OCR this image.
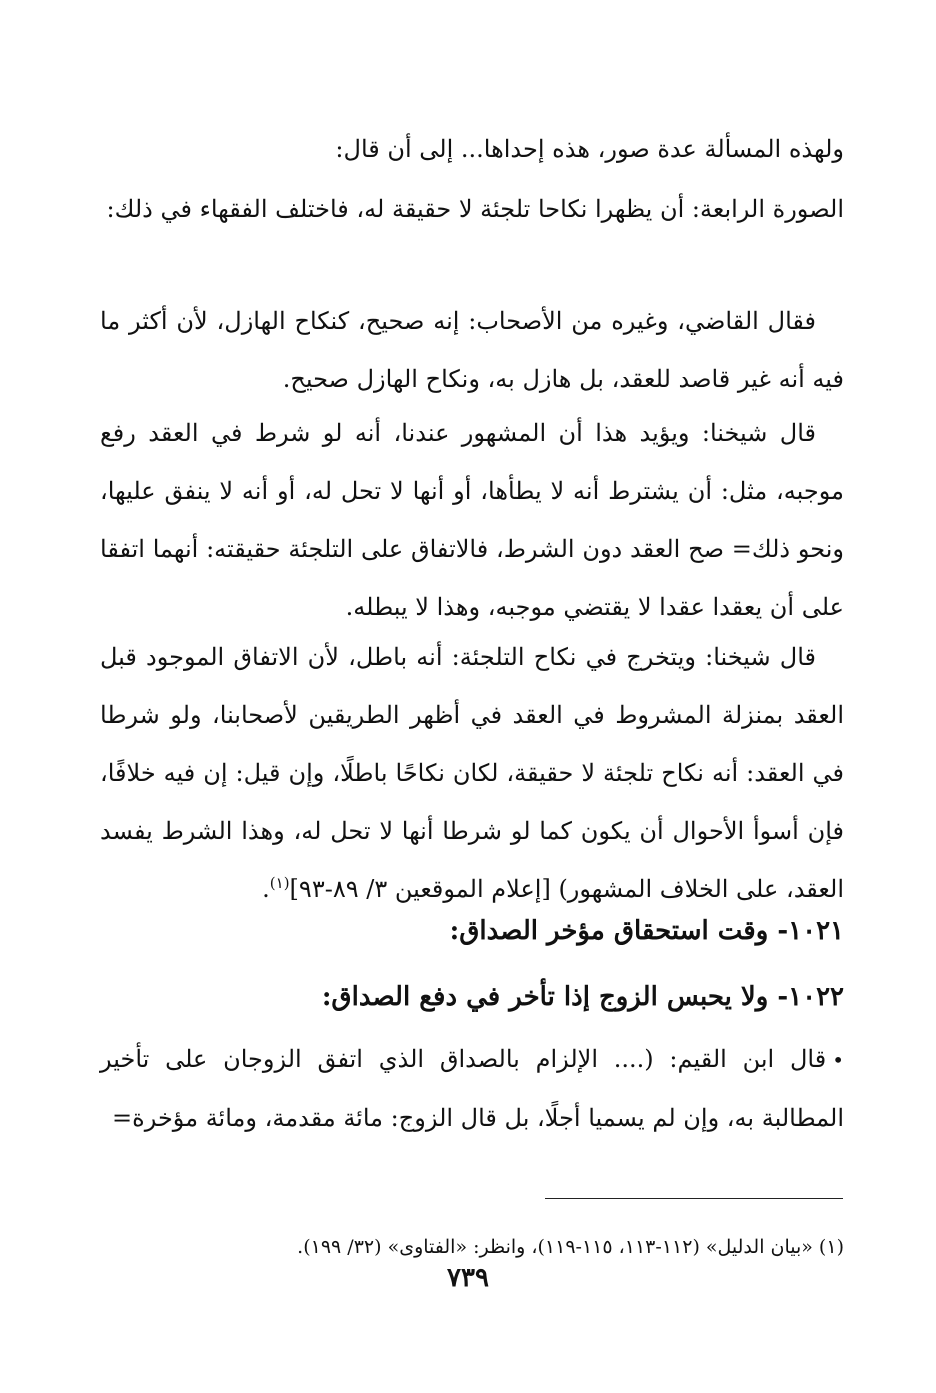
ولهذه المسألة عدة صور، هذه إحداها... إلى أن قال:

الصورة الرابعة: أن يظهرا نكاحا تلجئة لا حقيقة له، فاختلف الفقهاء في ذلك:

فقال القاضي، وغيره من الأصحاب: إنه صحيح، كنكاح الهازل، لأن أكثر ما فيه أنه غير قاصد للعقد، بل هازل به، ونكاح الهازل صحيح.

قال شيخنا: ويؤيد هذا أن المشهور عندنا، أنه لو شرط في العقد رفع موجبه، مثل: أن يشترط أنه لا يطأها، أو أنها لا تحل له، أو أنه لا ينفق عليها، ونحو ذلك= صح العقد دون الشرط، فالاتفاق على التلجئة حقيقته: أنهما اتفقا على أن يعقدا عقدا لا يقتضي موجبه، وهذا لا يبطله.

قال شيخنا: ويتخرج في نكاح التلجئة: أنه باطل، لأن الاتفاق الموجود قبل العقد بمنزلة المشروط في العقد في أظهر الطريقين لأصحابنا، ولو شرطا في العقد: أنه نكاح تلجئة لا حقيقة، لكان نكاحًا باطلًا، وإن قيل: إن فيه خلافًا، فإن أسوأ الأحوال أن يكون كما لو شرطا أنها لا تحل له، وهذا الشرط يفسد العقد، على الخلاف المشهور) [إعلام الموقعين ٣/ ٨٩-٩٣]$^{(١)}$.

١٠٢١- وقت استحقاق مؤخر الصداق:

١٠٢٢- ولا يحبس الزوج إذا تأخر في دفع الصداق:

•قال ابن القيم: (.... الإلزام بالصداق الذي اتفق الزوجان على تأخير المطالبة به، وإن لم يسميا أجلًا، بل قال الزوج: مائة مقدمة، ومائة مؤخرة=

(١) «بيان الدليل» (١١٢-١١٣، ١١٥-١١٩)، وانظر: «الفتاوى» (٣٢/ ١٩٩).

٧٣٩
